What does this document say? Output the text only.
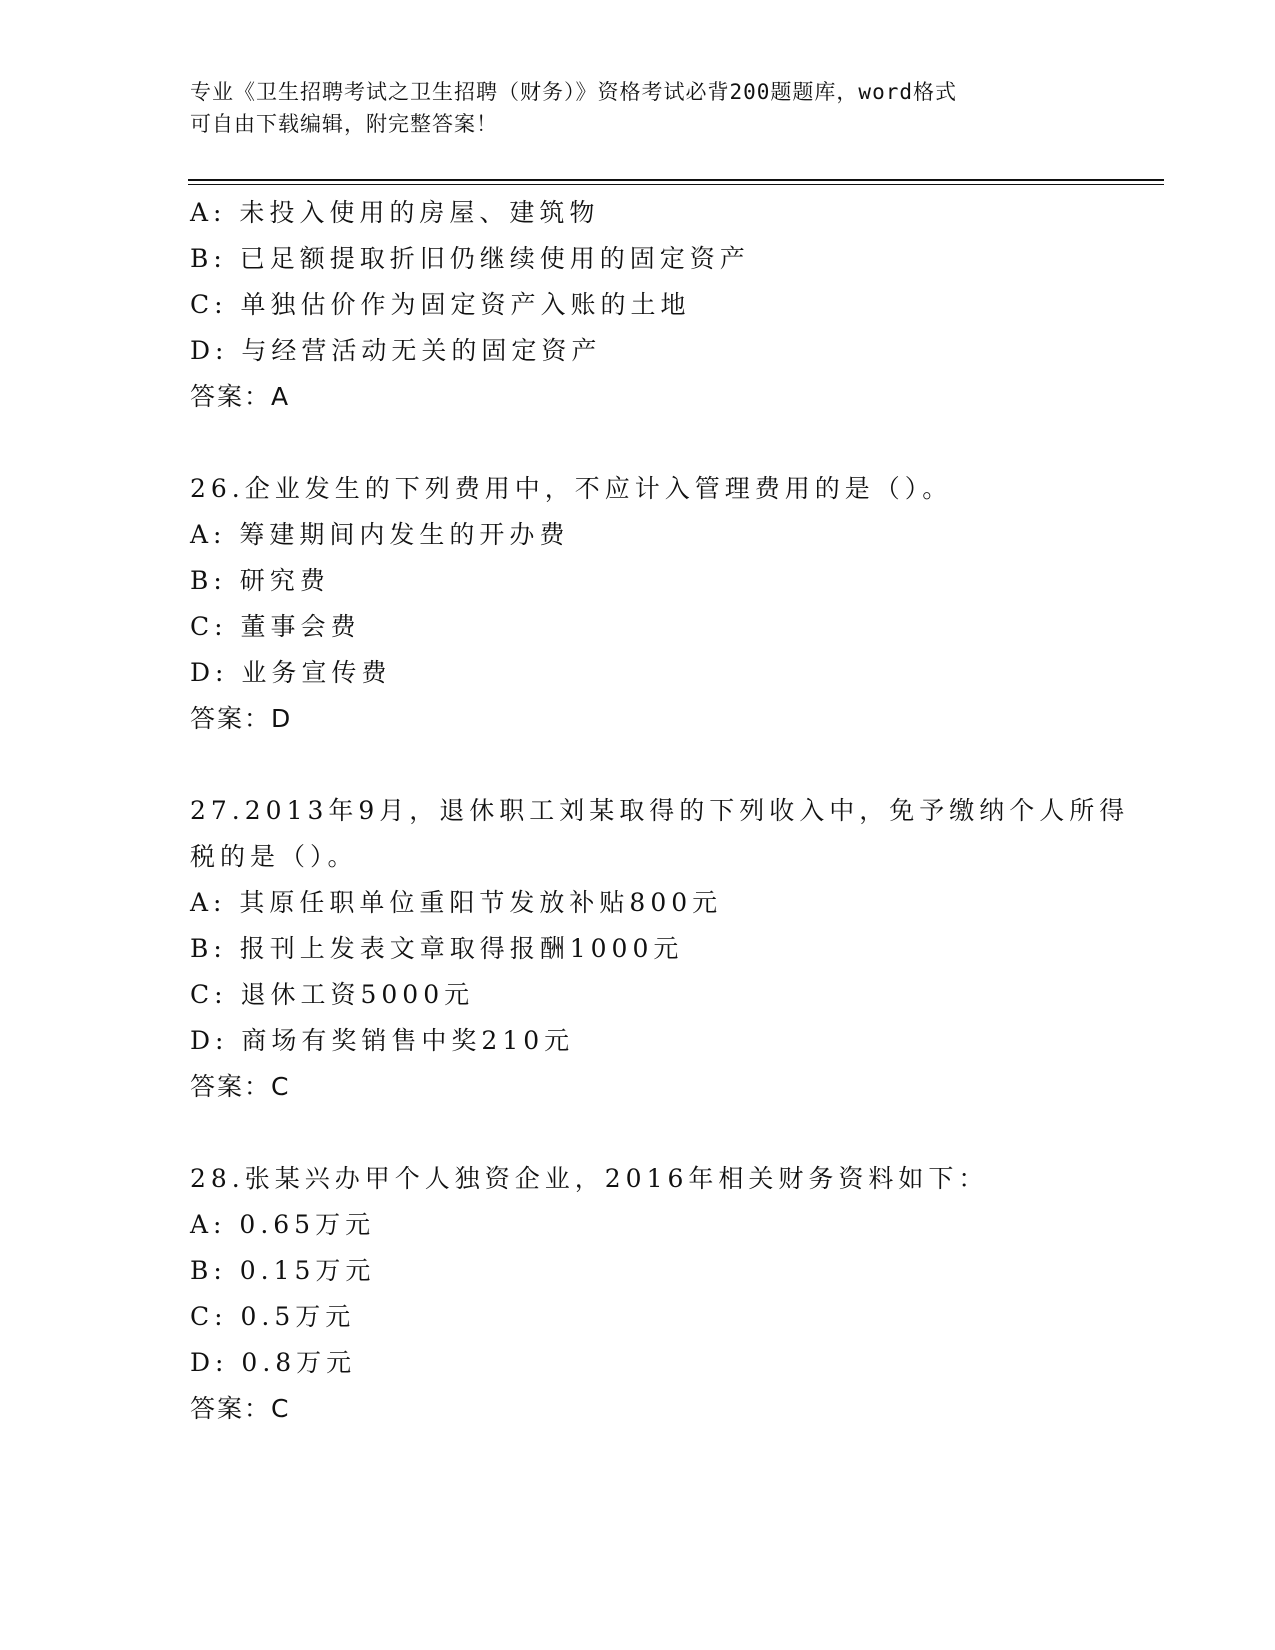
专业《卫生招聘考试之卫生招聘（财务）》资格考试必背200题题库，word格式
可自由下载编辑，附完整答案！
A: 未投入使用的房屋、建筑物
B: 已足额提取折旧仍继续使用的固定资产
C: 单独估价作为固定资产入账的土地
D: 与经营活动无关的固定资产
答案：A
26.企业发生的下列费用中，不应计入管理费用的是（）。
A: 筹建期间内发生的开办费
B: 研究费
C: 董事会费
D: 业务宣传费
答案：D
27.2013年9月，退休职工刘某取得的下列收入中，免予缴纳个人所得
税的是（）。
A: 其原任职单位重阳节发放补贴800元
B: 报刊上发表文章取得报酬1000元
C: 退休工资5000元
D: 商场有奖销售中奖210元
答案：C
28.张某兴办甲个人独资企业，2016年相关财务资料如下：
A: 0.65万元
B: 0.15万元
C: 0.5万元
D: 0.8万元
答案：C
